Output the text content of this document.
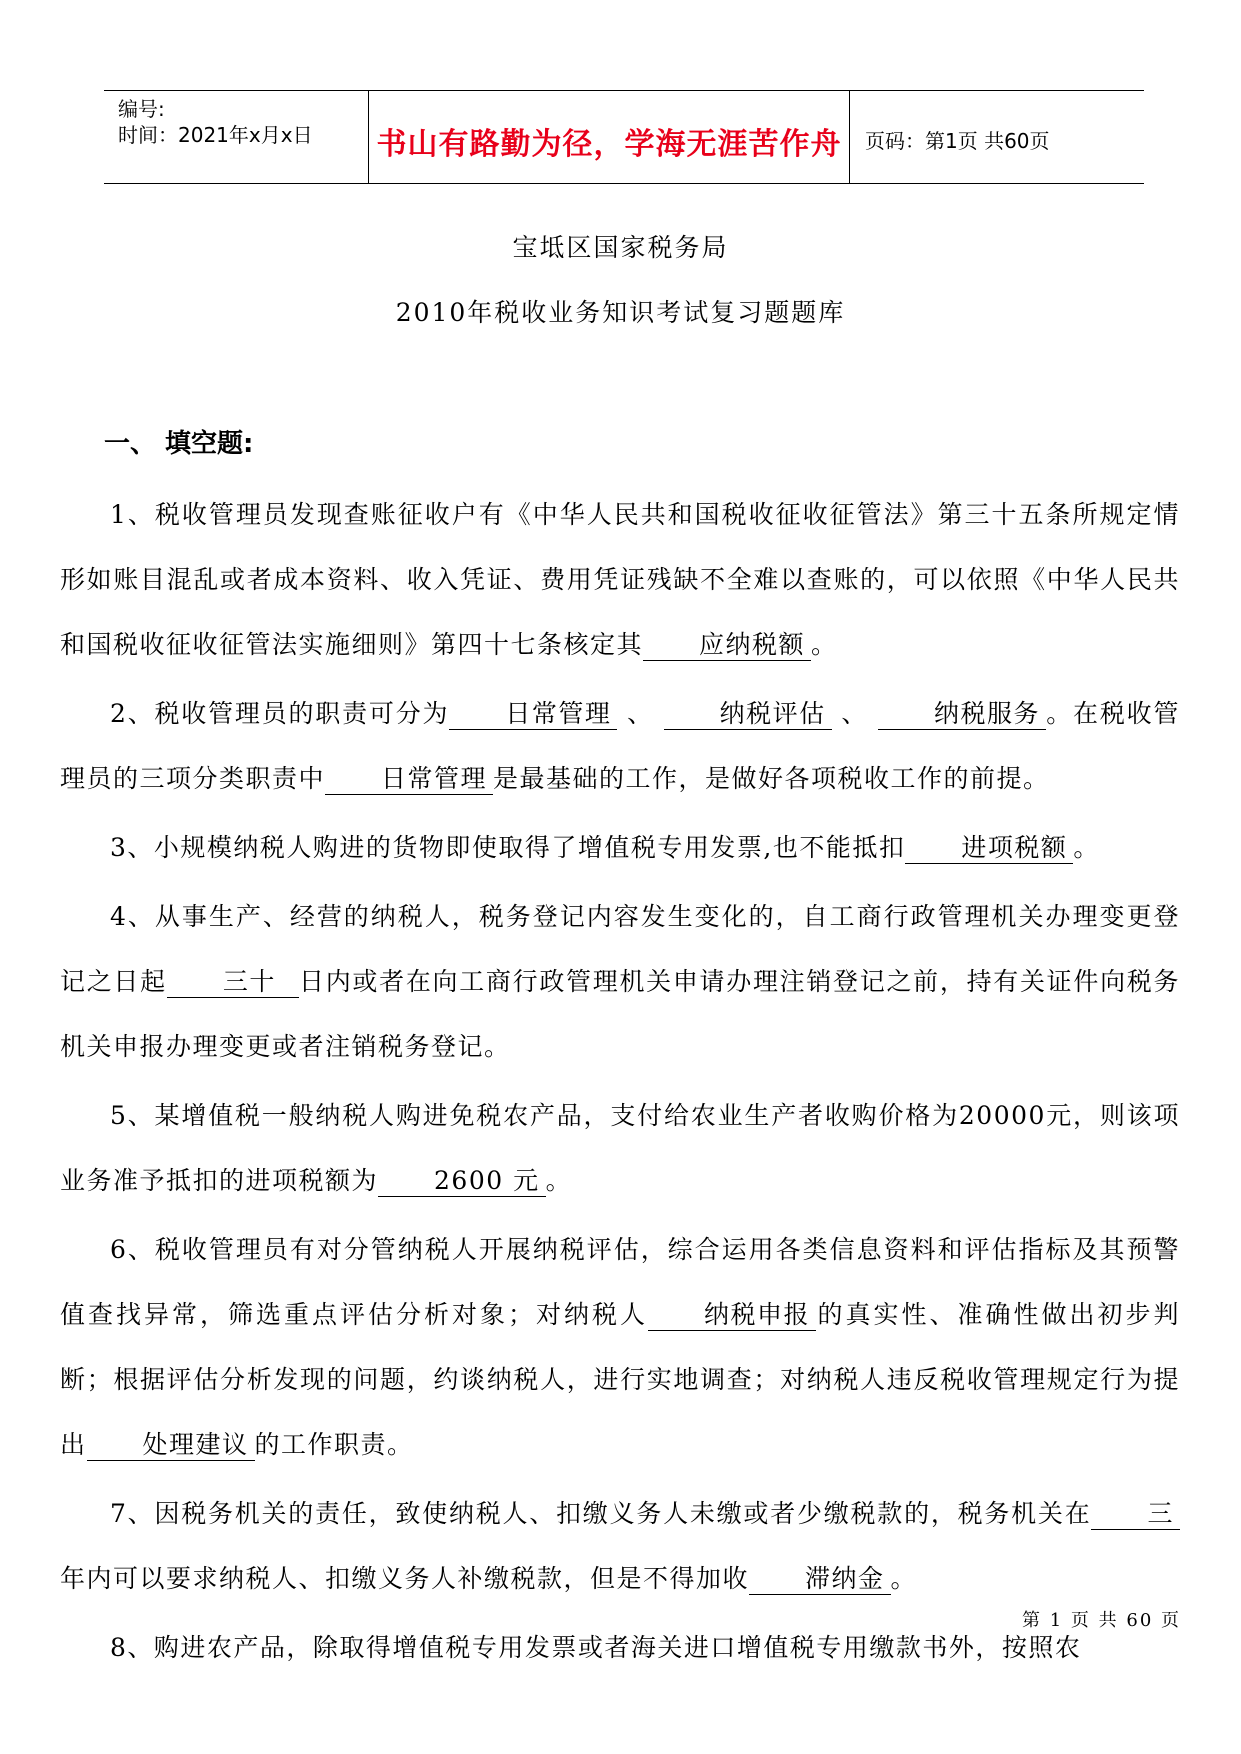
编号:
时间：2021年x月x日 书山有路勤为径，学海无涯苦作舟	页码：第1页 共60页
宝坻区国家税务局
2010年税收业务知识考试复习题题库
一、 填空题:

1、税收管理员发现查账征收户有《中华人民共和国税收征收征管法》第三十五条所规定情形如账目混乱或者成本资料、收入凭证、费用凭证残缺不全难以查账的，可以依照《中华人民共和国税收征收征管法实施细则》第四十七条核定其 应纳税额 。

2、税收管理员的职责可分为 日常管理 、 纳税评估 、 纳税服务 。在税收管理员的三项分类职责中 日常管理 是最基础的工作，是做好各项税收工作的前提。

3、小规模纳税人购进的货物即使取得了增值税专用发票,也不能抵扣 进项税额 。

4、从事生产、经营的纳税人，税务登记内容发生变化的，自工商行政管理机关办理变更登记之日起 三十 日内或者在向工商行政管理机关申请办理注销登记之前，持有关证件向税务机关申报办理变更或者注销税务登记。

5、某增值税一般纳税人购进免税农产品，支付给农业生产者收购价格为20000元，则该项业务准予抵扣的进项税额为 2600 元 。

6、税收管理员有对分管纳税人开展纳税评估，综合运用各类信息资料和评估指标及其预警值查找异常，筛选重点评估分析对象；对纳税人 纳税申报 的真实性、准确性做出初步判断；根据评估分析发现的问题，约谈纳税人，进行实地调查；对纳税人违反税收管理规定行为提出 处理建议 的工作职责。

7、因税务机关的责任，致使纳税人、扣缴义务人未缴或者少缴税款的，税务机关在 三年内可以要求纳税人、扣缴义务人补缴税款，但是不得加收 滞纳金 。

8、购进农产品，除取得增值税专用发票或者海关进口增值税专用缴款书外，按照农

第 1 页 共 60 页
